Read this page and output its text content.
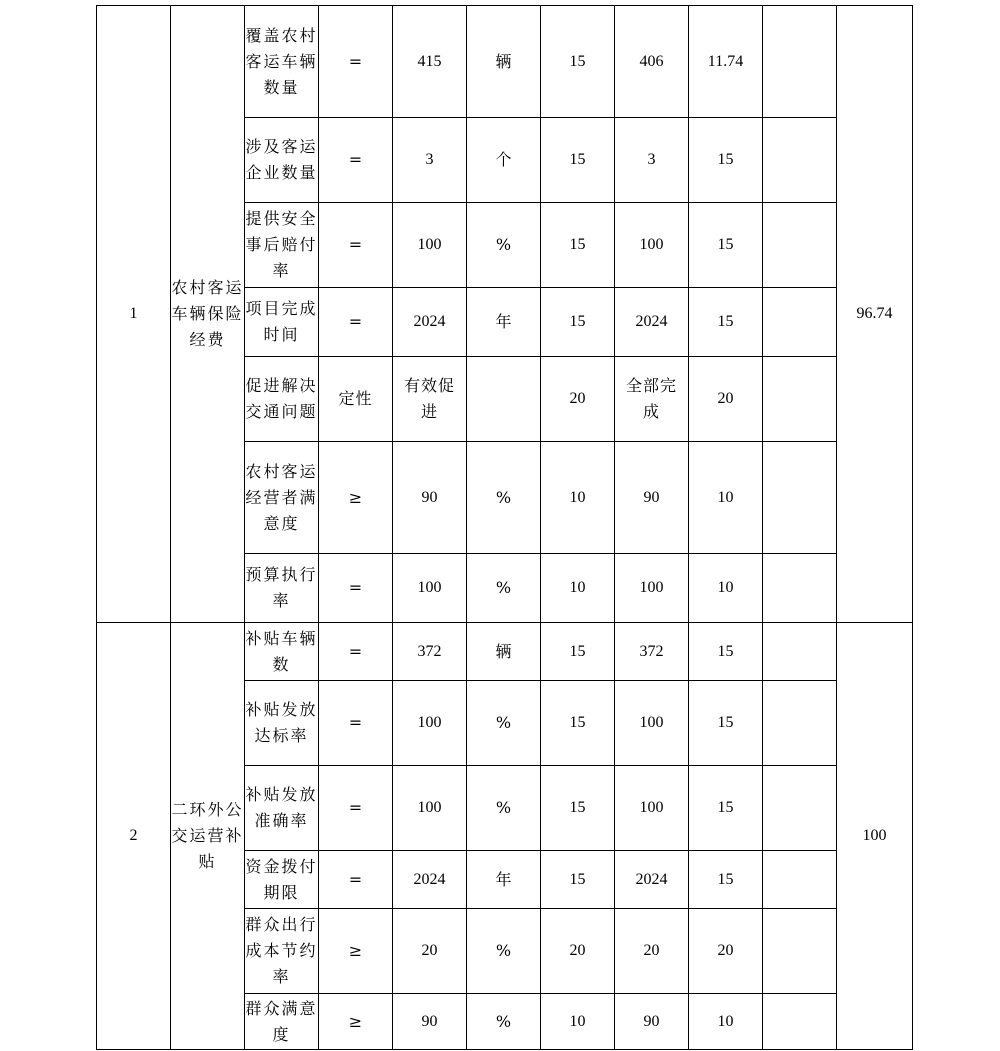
1	农村客运车辆保险经费	覆盖农村客运车辆数量	=	415	辆	15	406	11.74		96.74
		涉及客运企业数量	=	3	个	15	3	15		
		提供安全事后赔付率	=	100	%	15	100	15		
		项目完成时间	=	2024	年	15	2024	15		
		促进解决交通问题	定性	有效促进		20	全部完成	20		
		农村客运经营者满意度	≥	90	%	10	90	10		
		预算执行率	=	100	%	10	100	10		
2	二环外公交运营补贴	补贴车辆数	=	372	辆	15	372	15		100
		补贴发放达标率	=	100	%	15	100	15		
		补贴发放准确率	=	100	%	15	100	15		
		资金拨付期限	=	2024	年	15	2024	15		
		群众出行成本节约率	≥	20	%	20	20	20		
		群众满意度	≥	90	%	10	90	10		
